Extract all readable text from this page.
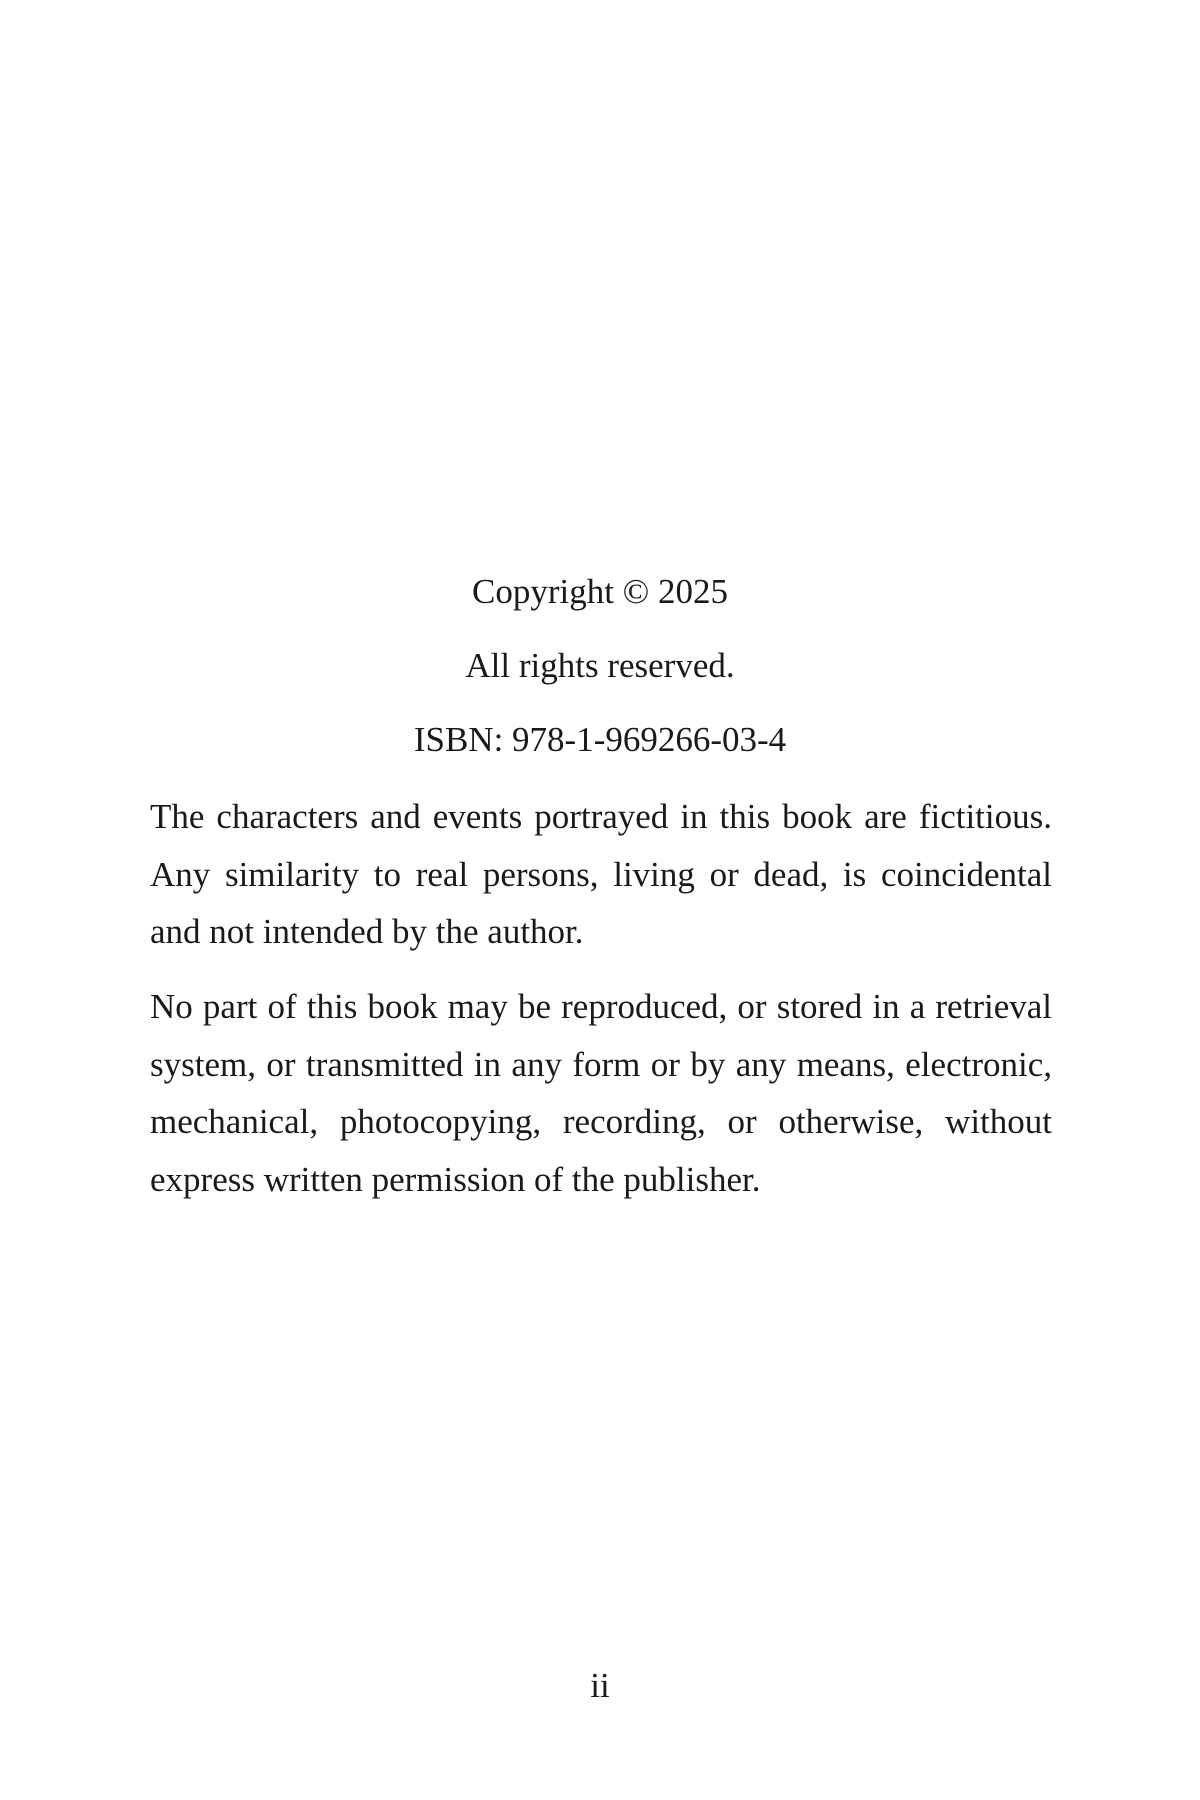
Copyright © 2025

All rights reserved.

ISBN: 978-1-969266-03-4

The characters and events portrayed in this book are fictitious. Any similarity to real persons, living or dead, is coincidental and not intended by the author.

No part of this book may be reproduced, or stored in a retrieval system, or transmitted in any form or by any means, electronic, mechanical, photocopying, recording, or otherwise, without express written permission of the publisher.

ii
